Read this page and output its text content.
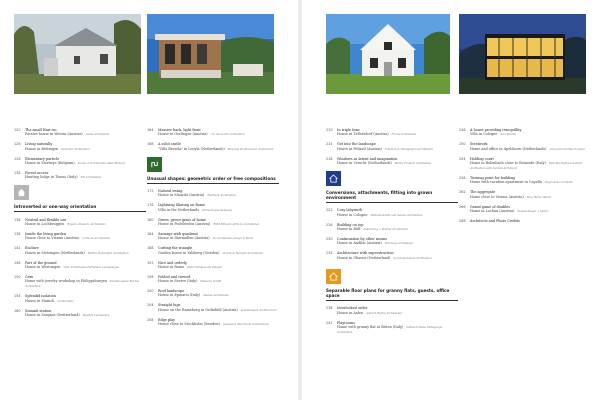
120	The small Hari roc
Passive house in Weerin (Austria) pedes architekten
126	Living naturally
House in Bettingen Sprecher Architekten
128	Elementary particle
House in Morbeye (Belgium) Atelier d'Architecture Alain Richard
138	Forest access
Hunting lodge in Tisens (Italy) Ehl Architekten
Introverted or one-way orientation
136	Neutral and flexible use
House in Lochbruggen Baysen, Kneisch, Architekten
138	Inside the living garden
House close to Vienna (Austria) Lermont Architekten
142	Enclave
House in Metzingen (Netherlands) Bertino Rebisoffen Architekten
146	Part of the ground
House in Westungen Villa, El Pamanda Fernandez Lampeaugue
150	Gem
Home with jewelry workshop in Philippsburgen Kamille Gebse Braden Architekten
154	Splendid isolation
House in Munich rauhberflete
160	Summit station
House in Sargans (Switzerland) Maellen Lambdekes
164	Massive back, light front
House in Gerlingen (Austria) rob lbs berelr architekten
168	A solid castle
"Villa Brosela" in Leeyla (Netherlands) Buikema De Bovenzen Architecten
Unusual shapes: geometric order or free compositions
172	Natural swing
House in Mauritä (Austria) Pfadbeck Architekten
176	Lightning Skating on Rome
Villa in the Netherlands Grinselveyne Geitgaag
180	Green, green grass of home
House in Podelstelen (Austria) RSM Elfbaum Afrik de Architekten
184	Sausage with quadrant
House in Diermallen (Austria) die Architekten Jangis & Maali
188	Cutting the triangle
Garden house in Yalsberg (Sweden) Thorsk & Hamphil Architekten
192	Nice and orderly
House in Rome Maur Schaltes am Zuhusli
196	Folded and viewed
House in Seetve (Italy) Pilissany Schütt
200	Roof landscape
House in Epinarsi (Italy) Medlas Architekten
204	Straight lugs
House on the Rameberg in Ordinhild (Austria) splendimalen Architectural
208	Edge play
House close to Stockholm (Sweden) Johansson Marcheola Architektens
210	In triple time
House in Zellersdorf (Austria) Froms Architekten
214	Get into the landscape
House in Felixvil (Austria) Frischen & Tannigmann Architekten
218	Windows as latent and imagination
House in Utrecht (Netherlands) Marko Froelich Architekten
Conversions, attachments, fitting into grown environment
222	Cozy labyrinth
House in Cologne Wohnwerkstatt und Saabel Architekten
226	Building on top
House in Bülf Zeltenberg + Partner Architekten
230	Continuation by other means
House in Andilat (Austria) Wimberg Architekten
234	Architecture with superstruction
House in Ghurist (Switzerland) durchmischende Architekten
Separable floor plans for granny flats, guests, office space
238	Interlocked order
House in Aalen Anarich Riehm Architekten
242	Playrooms
Home with granny flat at Bitten (Italy) taltlesch Wiese Faltlagerge Architekten
246	A house providing tranquillity
Villa in Cologne Axel Bendel
250	Steelwork
Home and office in Apeldoorn (Netherlands) Cees and Charles Crousvar
254	Holding court
Home in Balenbach close to Reinenfe (Italy) Rudolfus Wallace Schlam Architekten with Xuchan Architects
258	Turning point for building
Home with vacation apartment in Capella Engin Kesu architekt
262	The aggregate
Home close to Vienna (Austria) Bose Herre Wendl
266	Grand game of doubles
Home in Lochau (Austria) Baumschlager + Moritz
268	Architects and Photo Credits
